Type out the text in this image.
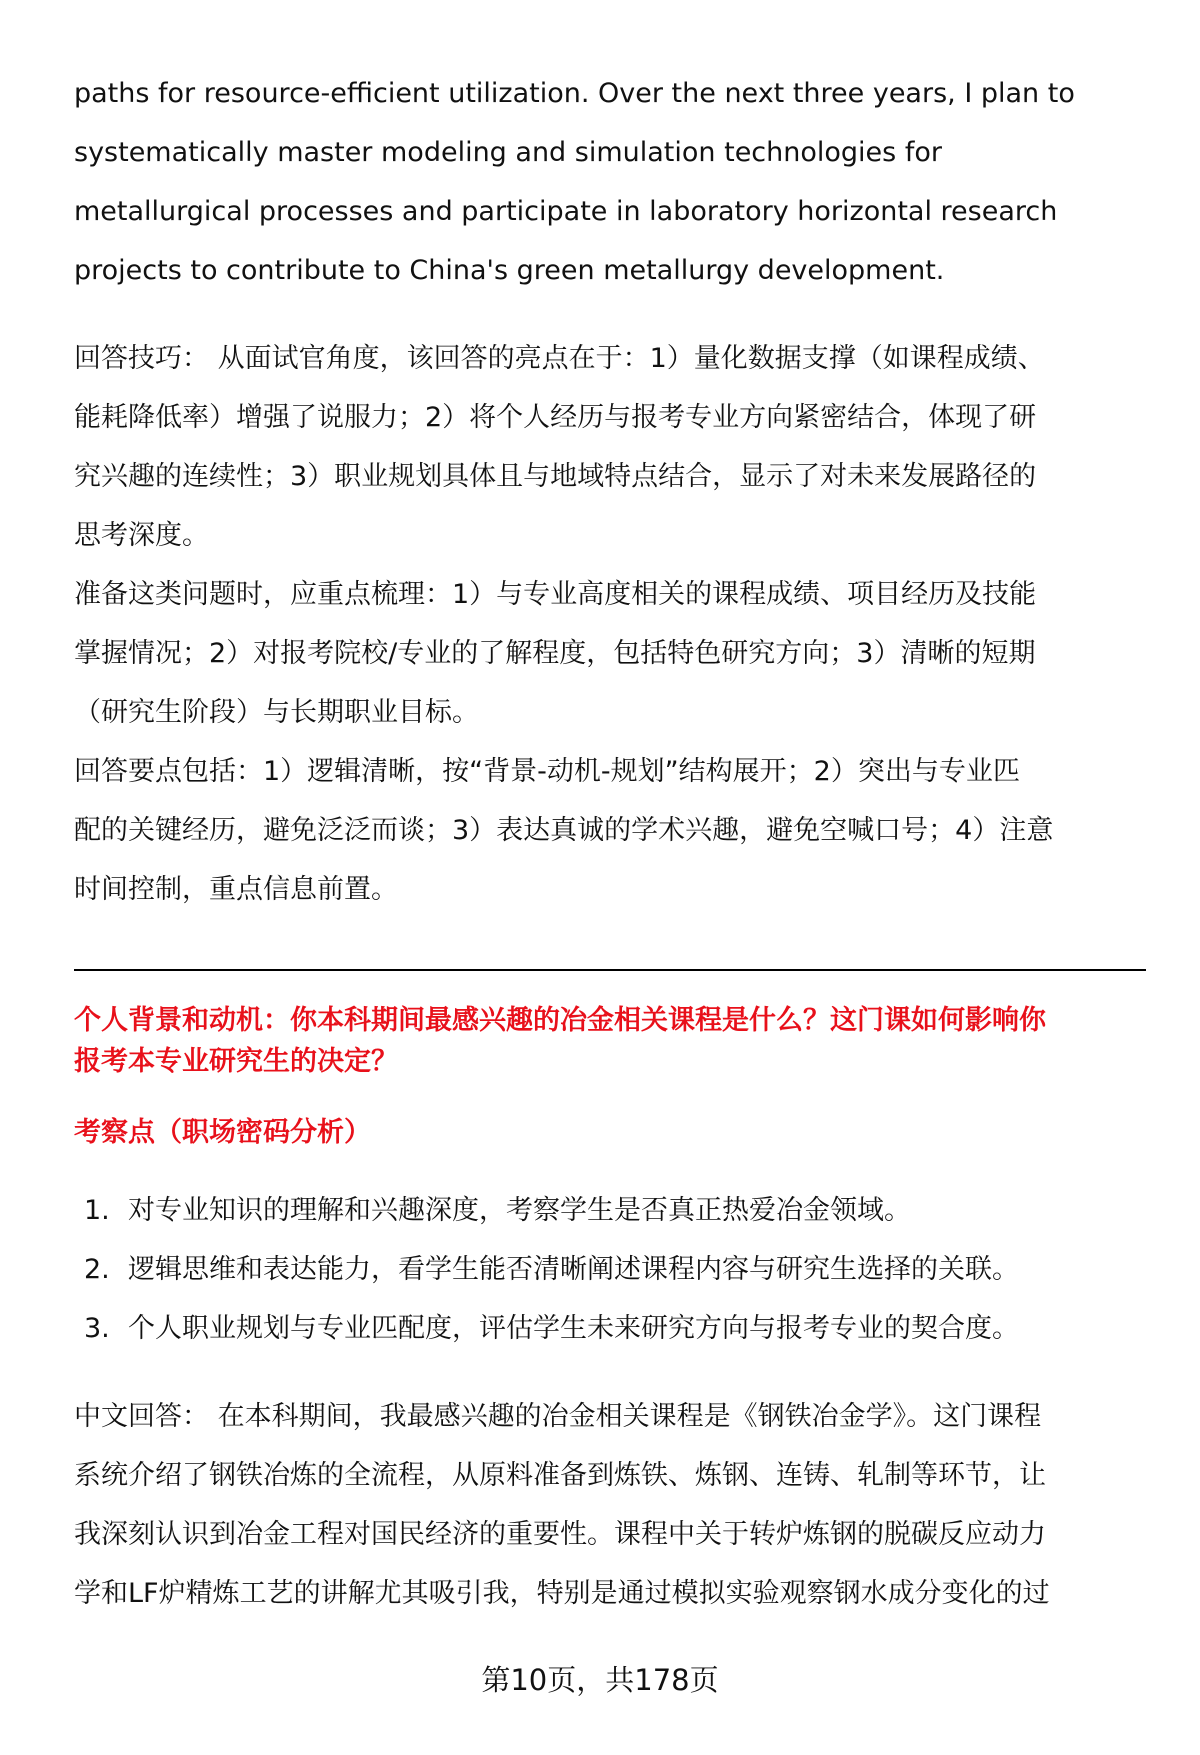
paths for resource-efficient utilization. Over the next three years, I plan to
systematically master modeling and simulation technologies for
metallurgical processes and participate in laboratory horizontal research
projects to contribute to China's green metallurgy development.
回答技巧： 从面试官角度，该回答的亮点在于：1）量化数据支撑（如课程成绩、
能耗降低率）增强了说服力；2）将个人经历与报考专业方向紧密结合，体现了研
究兴趣的连续性；3）职业规划具体且与地域特点结合，显示了对未来发展路径的
思考深度。
准备这类问题时，应重点梳理：1）与专业高度相关的课程成绩、项目经历及技能
掌握情况；2）对报考院校/专业的了解程度，包括特色研究方向；3）清晰的短期
（研究生阶段）与长期职业目标。
回答要点包括：1）逻辑清晰，按“背景-动机-规划”结构展开；2）突出与专业匹
配的关键经历，避免泛泛而谈；3）表达真诚的学术兴趣，避免空喊口号；4）注意
时间控制，重点信息前置。
个人背景和动机：你本科期间最感兴趣的冶金相关课程是什么？这门课如何影响你
报考本专业研究生的决定？
考察点（职场密码分析）
1. 对专业知识的理解和兴趣深度，考察学生是否真正热爱冶金领域。
2. 逻辑思维和表达能力，看学生能否清晰阐述课程内容与研究生选择的关联。
3. 个人职业规划与专业匹配度，评估学生未来研究方向与报考专业的契合度。
中文回答： 在本科期间，我最感兴趣的冶金相关课程是《钢铁冶金学》。这门课程
系统介绍了钢铁冶炼的全流程，从原料准备到炼铁、炼钢、连铸、轧制等环节，让
我深刻认识到冶金工程对国民经济的重要性。课程中关于转炉炼钢的脱碳反应动力
学和LF炉精炼工艺的讲解尤其吸引我，特别是通过模拟实验观察钢水成分变化的过
第10页，共178页
